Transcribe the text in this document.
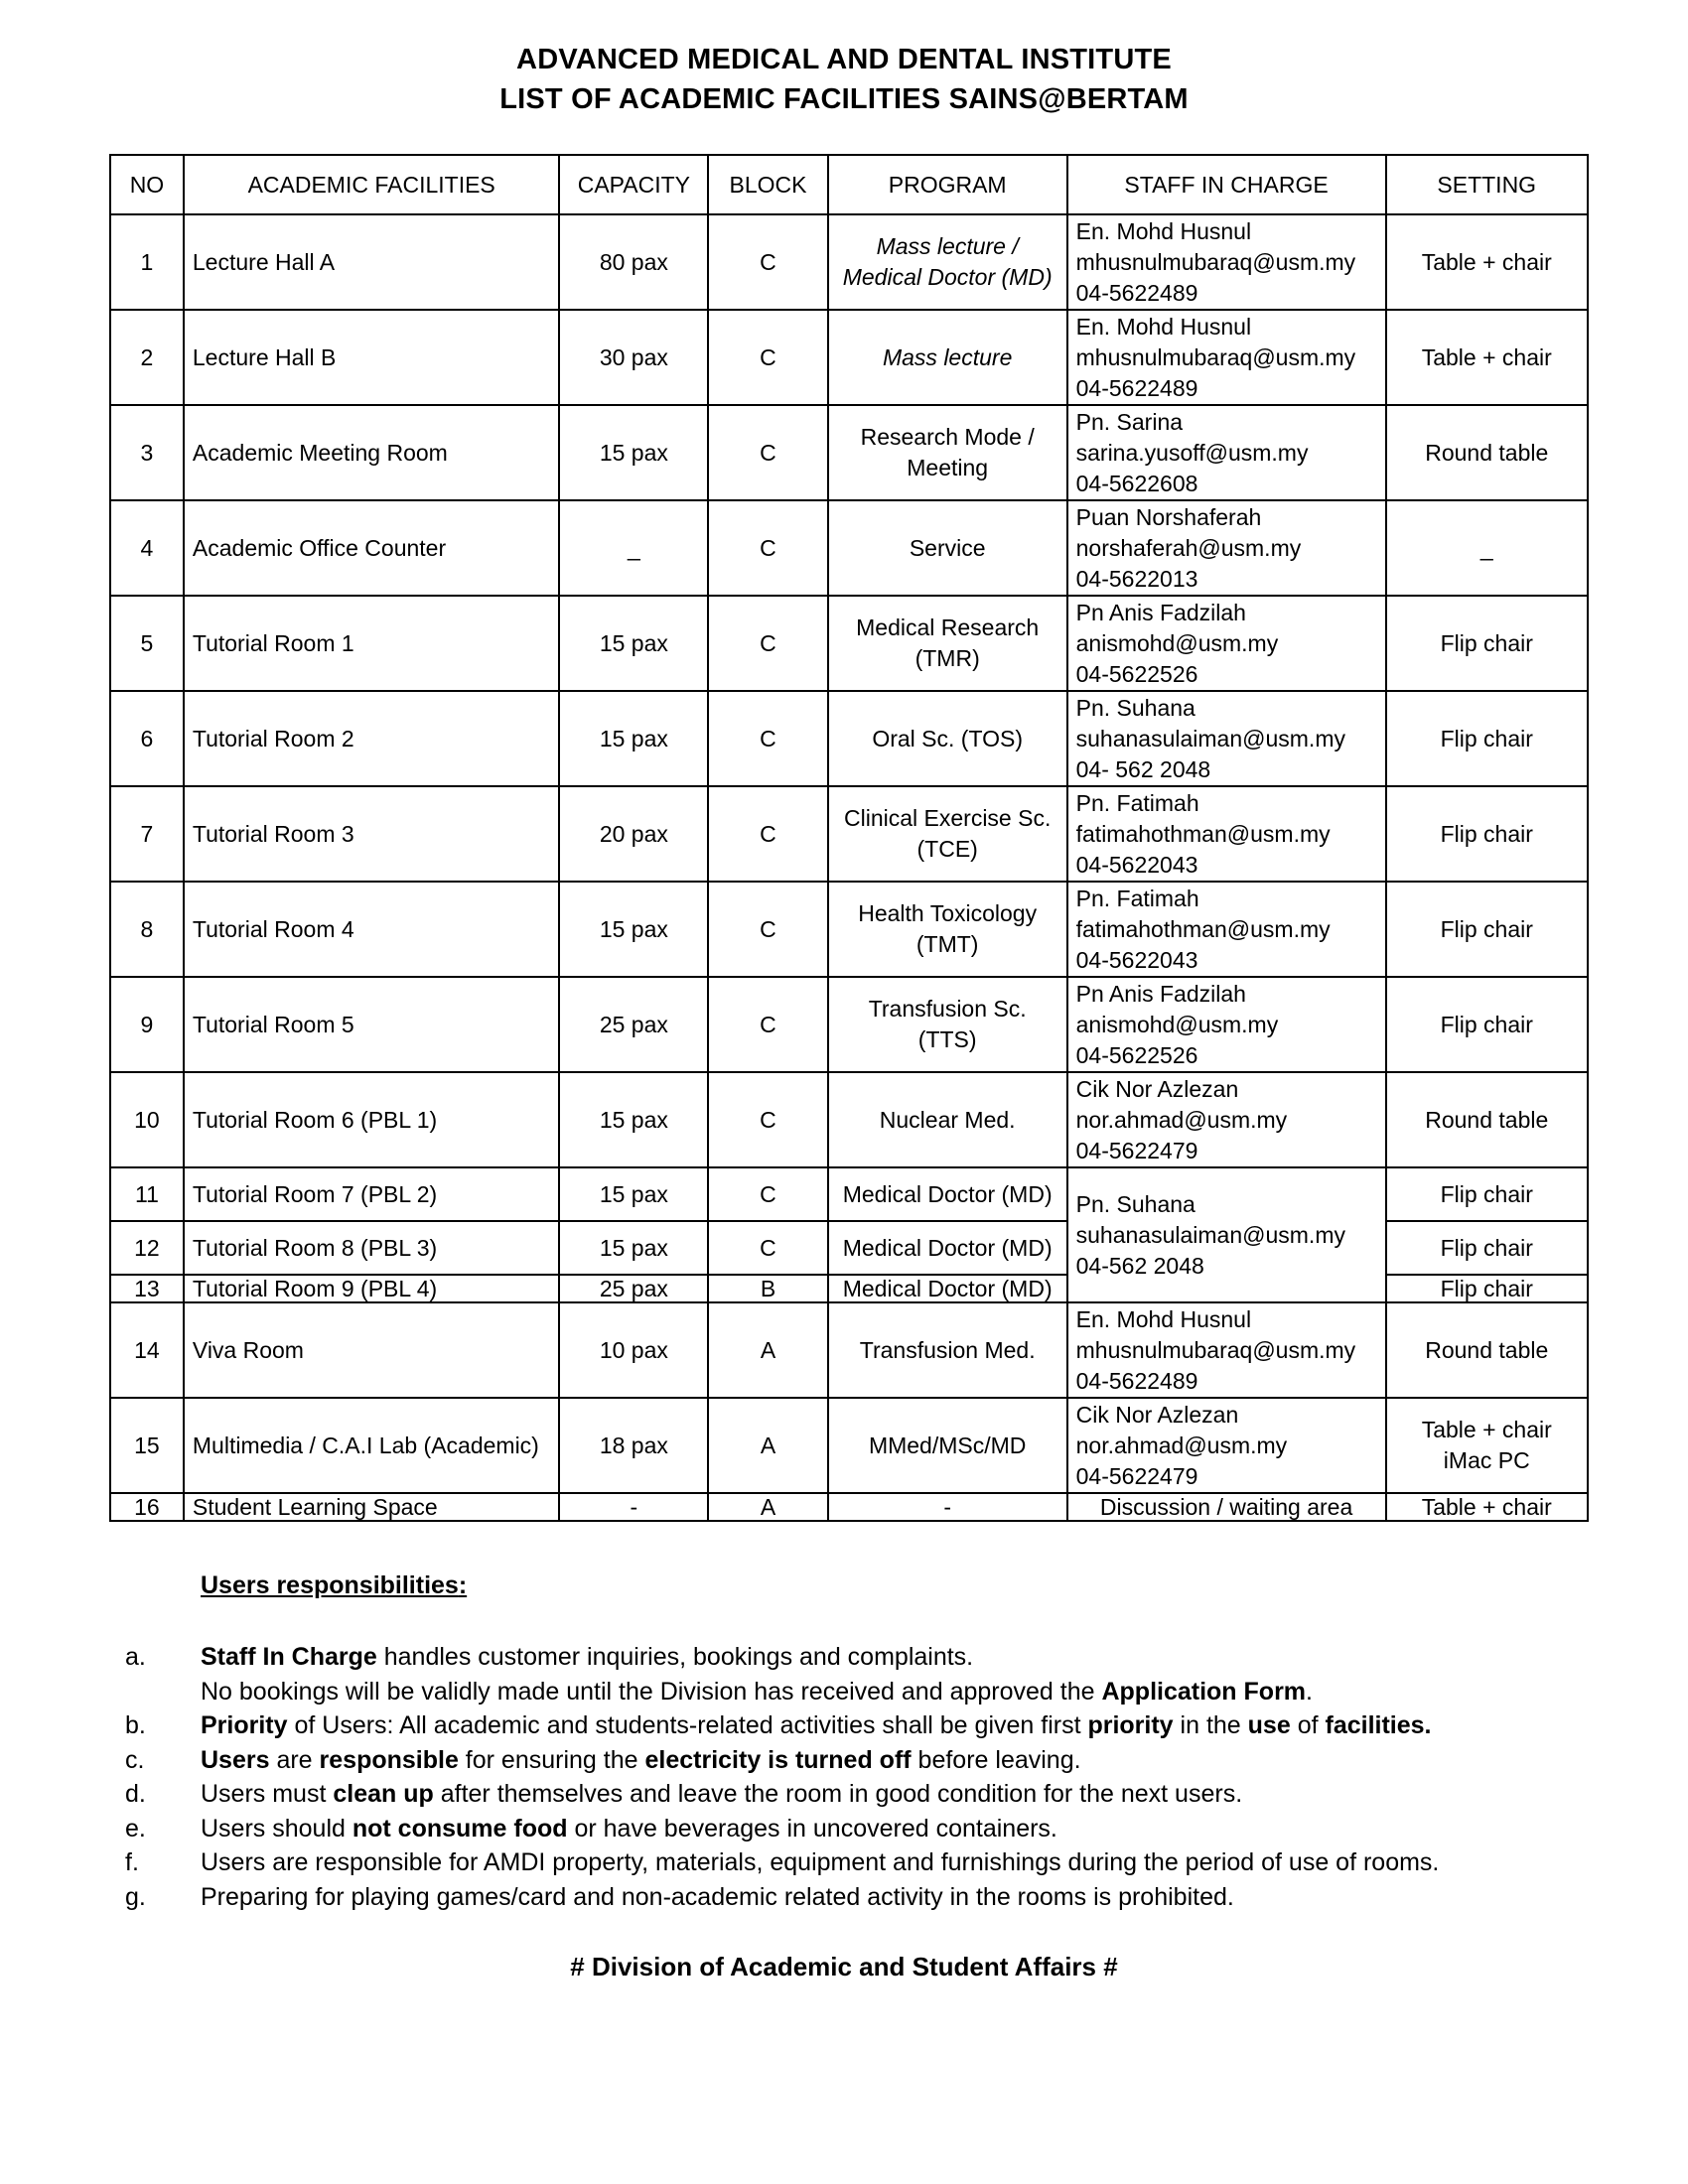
ADVANCED MEDICAL AND DENTAL INSTITUTE
LIST OF ACADEMIC FACILITIES SAINS@BERTAM
NO	ACADEMIC FACILITIES	CAPACITY	BLOCK	PROGRAM	STAFF IN CHARGE	SETTING
1	Lecture Hall A	80 pax	C	Mass lecture /
Medical Doctor (MD)	En. Mohd Husnul
mhusnulmubaraq@usm.my
04-5622489	Table + chair

2	Lecture Hall B	30 pax	C	Mass lecture	En. Mohd Husnul
mhusnulmubaraq@usm.my
04-5622489	Table + chair

3	Academic Meeting Room	15 pax	C	Research Mode /
Meeting	Pn. Sarina
sarina.yusoff@usm.my
04-5622608	Round table

4	Academic Office Counter	_	C	Service	Puan Norshaferah
norshaferah@usm.my
04-5622013	_

5	Tutorial Room 1	15 pax	C	Medical Research
(TMR)	Pn Anis Fadzilah
anismohd@usm.my
04-5622526	Flip chair

6	Tutorial Room 2	15 pax	C	Oral Sc. (TOS)	Pn. Suhana
suhanasulaiman@usm.my
04- 562 2048	Flip chair

7	Tutorial Room 3	20 pax	C	Clinical Exercise Sc.
(TCE)	Pn. Fatimah
fatimahothman@usm.my
04-5622043	Flip chair

8	Tutorial Room 4	15 pax	C	Health Toxicology
(TMT)	Pn. Fatimah
fatimahothman@usm.my
04-5622043	Flip chair

9	Tutorial Room 5	25 pax	C	Transfusion Sc.
(TTS)	Pn Anis Fadzilah
anismohd@usm.my
04-5622526	Flip chair

10	Tutorial Room 6 (PBL 1)	15 pax	C	Nuclear Med.	Cik Nor Azlezan
nor.ahmad@usm.my
04-5622479	Round table

11	Tutorial Room 7 (PBL 2)	15 pax	C	Medical Doctor (MD)	Pn. Suhana
suhanasulaiman@usm.my
04-562 2048	Flip chair

12	Tutorial Room 8 (PBL 3)	15 pax	C	Medical Doctor (MD)		Flip chair

13	Tutorial Room 9 (PBL 4)	25 pax	B	Medical Doctor (MD)		Flip chair

14	Viva Room	10 pax	A	Transfusion Med.	En. Mohd Husnul
mhusnulmubaraq@usm.my
04-5622489	Round table

15	Multimedia / C.A.I Lab (Academic)	18 pax	A	MMed/MSc/MD	Cik Nor Azlezan
nor.ahmad@usm.my
04-5622479	Table + chair
iMac PC

16	Student Learning Space	-	A	-	Discussion / waiting area	Table + chair
Users responsibilities:
a. Staff In Charge handles customer inquiries, bookings and complaints.
No bookings will be validly made until the Division has received and approved the Application Form.
b. Priority of Users: All academic and students-related activities shall be given first priority in the use of facilities.
c. Users are responsible for ensuring the electricity is turned off before leaving.
d. Users must clean up after themselves and leave the room in good condition for the next users.
e. Users should not consume food or have beverages in uncovered containers.
f. Users are responsible for AMDI property, materials, equipment and furnishings during the period of use of rooms.
g. Preparing for playing games/card and non-academic related activity in the rooms is prohibited.
# Division of Academic and Student Affairs #
